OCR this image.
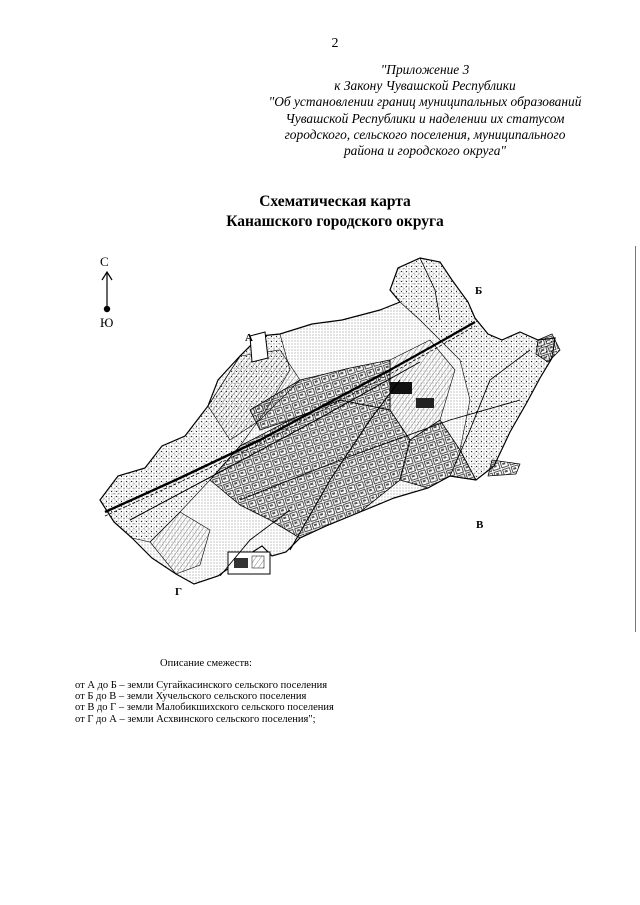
2
"Приложение 3
к Закону Чувашской Республики
"Об установлении границ муниципальных образований
Чувашской Республики и наделении их статусом
городского, сельского поселения, муниципального
района и городского округа"
Схематическая карта
Канашского городского округа
С
Ю
А
Б
В
Г
Описание смежеств:
от А до Б – земли Сугайкасинского сельского поселения
от Б до В – земли Хучельского сельского поселения
от В до Г – земли Малобикшихского сельского поселения
от Г до А – земли Асхвинского сельского поселения";
